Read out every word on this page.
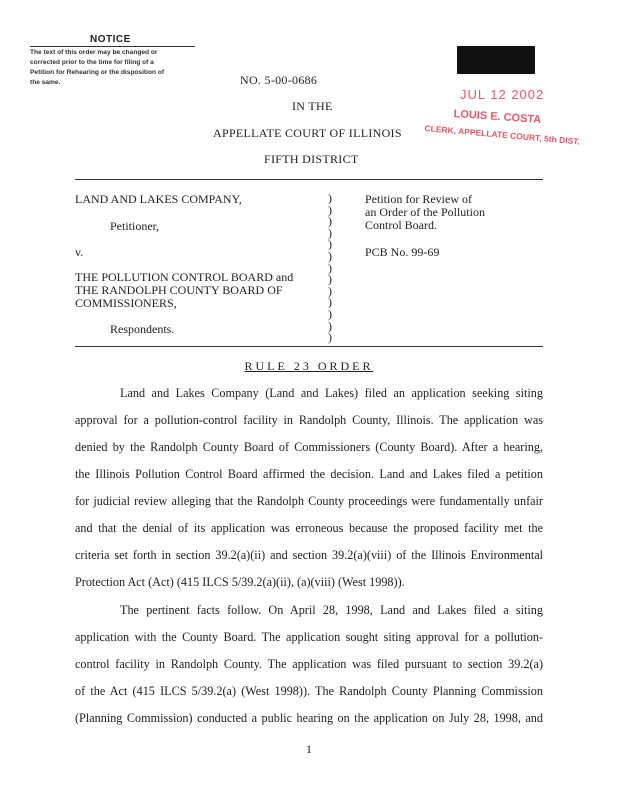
NOTICE
The text of this order may be changed or
corrected prior to the time for filing of a
Petition for Rehearing or the disposition of
the same.	NO. 5-00-0686
IN THE
APPELLATE COURT OF ILLINOIS
FIFTH DISTRICT
JUL 12 2002
LOUIS E. COSTA
CLERK, APPELLATE COURT, 5th DIST.
LAND AND LAKES COMPANY,
Petitioner,
v.
THE POLLUTION CONTROL BOARD and
THE RANDOLPH COUNTY BOARD OF
COMMISSIONERS,
Respondents.
)
)
)
)
)
)
)
)
)
)
)
)
)
Petition for Review of
an Order of the Pollution
Control Board.
PCB No. 99-69
RULE 23 ORDER
Land and Lakes Company (Land and Lakes) filed an application seeking siting
approval for a pollution-control facility in Randolph County, Illinois. The application was
denied by the Randolph County Board of Commissioners (County Board). After a hearing,
the Illinois Pollution Control Board affirmed the decision. Land and Lakes filed a petition
for judicial review alleging that the Randolph County proceedings were fundamentally unfair
and that the denial of its application was erroneous because the proposed facility met the
criteria set forth in section 39.2(a)(ii) and section 39.2(a)(viii) of the Illinois Environmental
Protection Act (Act) (415 ILCS 5/39.2(a)(ii), (a)(viii) (West 1998)).
The pertinent facts follow. On April 28, 1998, Land and Lakes filed a siting
application with the County Board. The application sought siting approval for a pollution-
control facility in Randolph County. The application was filed pursuant to section 39.2(a)
of the Act (415 ILCS 5/39.2(a) (West 1998)). The Randolph County Planning Commission
(Planning Commission) conducted a public hearing on the application on July 28, 1998, and
1
